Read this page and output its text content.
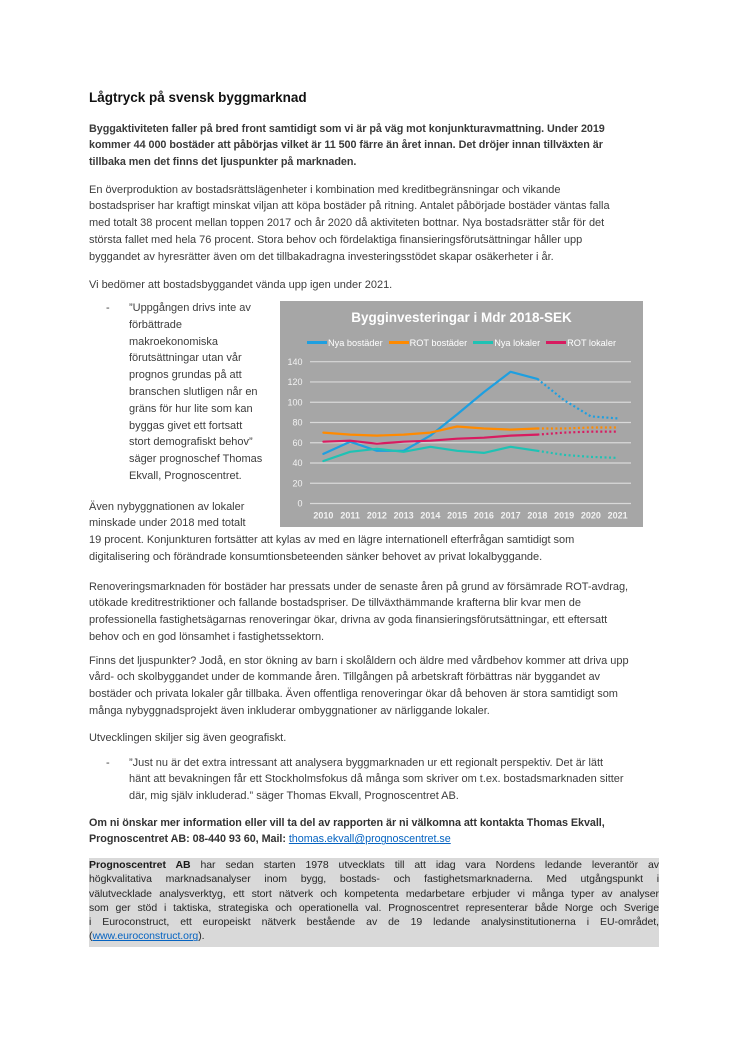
Lågtryck på svensk byggmarknad
Byggaktiviteten faller på bred front samtidigt som vi är på väg mot konjunkturavmattning. Under 2019
kommer 44 000 bostäder att påbörjas vilket är 11 500 färre än året innan. Det dröjer innan tillväxten är
tillbaka men det finns det ljuspunkter på marknaden.
En överproduktion av bostadsrättslägenheter i kombination med kreditbegränsningar och vikande
bostadspriser har kraftigt minskat viljan att köpa bostäder på ritning. Antalet påbörjade bostäder väntas falla
med totalt 38 procent mellan toppen 2017 och år 2020 då aktiviteten bottnar. Nya bostadsrätter står för det
största fallet med hela 76 procent. Stora behov och fördelaktiga finansieringsförutsättningar håller upp
byggandet av hyresrätter även om det tillbakadragna investeringsstödet skapar osäkerheter i år.
Vi bedömer att bostadsbyggandet vända upp igen under 2021.
- ”Uppgången drivs inte av
förbättrade
makroekonomiska
förutsättningar utan vår
prognos grundas på att
branschen slutligen når en
gräns för hur lite som kan
byggas givet ett fortsatt
stort demografiskt behov”
säger prognoschef Thomas
Ekvall, Prognoscentret.
0
20
40
60
80
100
120
140
2010 2011 2012 2013 2014 2015 2016 2017 2018 2019 2020 2021
Bygginvesteringar i Mdr 2018-SEK
Nya bostäder	ROT bostäder	Nya lokaler	ROT lokaler
Även nybyggnationen av lokaler
minskade under 2018 med totalt
19 procent. Konjunkturen fortsätter att kylas av med en lägre internationell efterfrågan samtidigt som
digitalisering och förändrade konsumtionsbeteenden sänker behovet av privat lokalbyggande.
Renoveringsmarknaden för bostäder har pressats under de senaste åren på grund av försämrade ROT-avdrag,
utökade kreditrestriktioner och fallande bostadspriser. De tillväxthämmande krafterna blir kvar men de
professionella fastighetsägarnas renoveringar ökar, drivna av goda finansieringsförutsättningar, ett eftersatt
behov och en god lönsamhet i fastighetssektorn.
Finns det ljuspunkter? Jodå, en stor ökning av barn i skolåldern och äldre med vårdbehov kommer att driva upp
vård- och skolbyggandet under de kommande åren. Tillgången på arbetskraft förbättras när byggandet av
bostäder och privata lokaler går tillbaka. Även offentliga renoveringar ökar då behoven är stora samtidigt som
många nybyggnadsprojekt även inkluderar ombyggnationer av närliggande lokaler.
Utvecklingen skiljer sig även geografiskt.
- ”Just nu är det extra intressant att analysera byggmarknaden ur ett regionalt perspektiv. Det är lätt
hänt att bevakningen får ett Stockholmsfokus då många som skriver om t.ex. bostadsmarknaden sitter
där, mig själv inkluderad.” säger Thomas Ekvall, Prognoscentret AB.
Om ni önskar mer information eller vill ta del av rapporten är ni välkomna att kontakta Thomas Ekvall,
Prognoscentret AB: 08-440 93 60, Mail: thomas.ekvall@prognoscentret.se
Prognoscentret AB har sedan starten 1978 utvecklats till att idag vara Nordens ledande leverantör av
högkvalitativa marknadsanalyser inom bygg, bostads- och fastighetsmarknaderna. Med utgångspunkt i
välutvecklade analysverktyg, ett stort nätverk och kompetenta medarbetare erbjuder vi många typer av analyser
som ger stöd i taktiska, strategiska och operationella val. Prognoscentret representerar både Norge och Sverige
i Euroconstruct, ett europeiskt nätverk bestående av de 19 ledande analysinstitutionerna i EU-området,
(www.euroconstruct.org).
